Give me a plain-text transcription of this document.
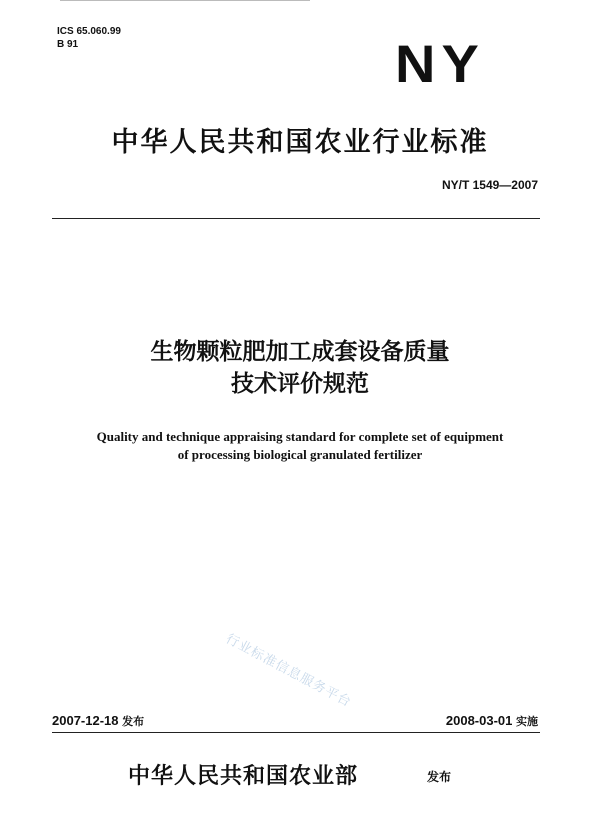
ICS 65.060.99
B 91	NY
中华人民共和国农业行业标准
NY/T 1549—2007
生物颗粒肥加工成套设备质量
技术评价规范
Quality and technique appraising standard for complete set of equipment
of processing biological granulated fertilizer
行业标准信息服务平台
2007-12-18 发布	2008-03-01 实施
中华人民共和国农业部	发布
